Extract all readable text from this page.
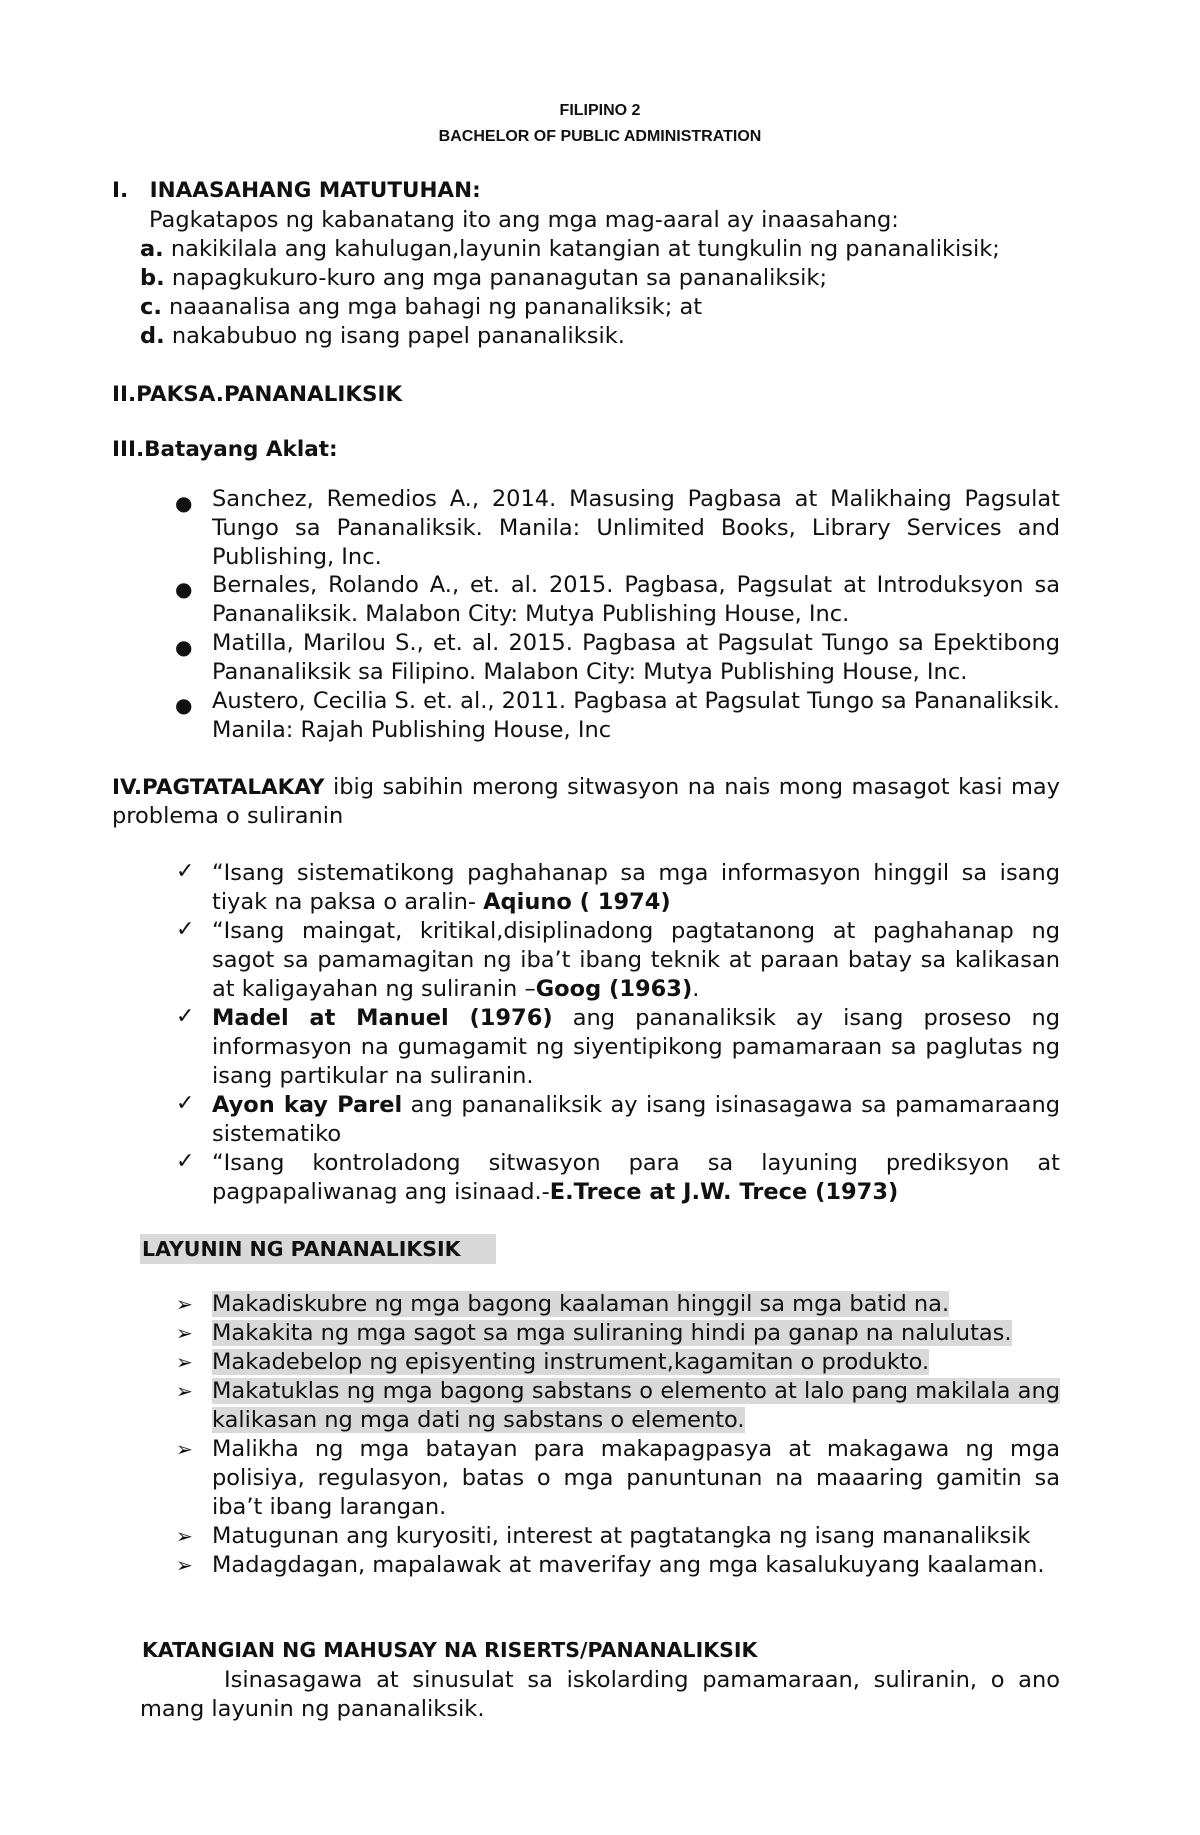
FILIPINO 2
BACHELOR OF PUBLIC ADMINISTRATION
I. INAASAHANG MATUTUHAN:
Pagkatapos ng kabanatang ito ang mga mag-aaral ay inaasahang:
a. nakikilala ang kahulugan,layunin katangian at tungkulin ng pananalikisik;
b. napagkukuro-kuro ang mga pananagutan sa pananaliksik;
c. naaanalisa ang mga bahagi ng pananaliksik; at
d. nakabubuo ng isang papel pananaliksik.
II.PAKSA.PANANALIKSIK
III.Batayang Aklat:
● Sanchez, Remedios A., 2014. Masusing Pagbasa at Malikhaing Pagsulat Tungo sa Pananaliksik. Manila: Unlimited Books, Library Services and Publishing, Inc.
● Bernales, Rolando A., et. al. 2015. Pagbasa, Pagsulat at Introduksyon sa Pananaliksik. Malabon City: Mutya Publishing House, Inc.
● Matilla, Marilou S., et. al. 2015. Pagbasa at Pagsulat Tungo sa Epektibong Pananaliksik sa Filipino. Malabon City: Mutya Publishing House, Inc.
● Austero, Cecilia S. et. al., 2011. Pagbasa at Pagsulat Tungo sa Pananaliksik. Manila: Rajah Publishing House, Inc
IV.PAGTATALAKAY ibig sabihin merong sitwasyon na nais mong masagot kasi may problema o suliranin
✓ “Isang sistematikong paghahanap sa mga informasyon hinggil sa isang tiyak na paksa o aralin- Aqiuno ( 1974)
✓ “Isang maingat, kritikal,disiplinadong pagtatanong at paghahanap ng sagot sa pamamagitan ng iba’t ibang teknik at paraan batay sa kalikasan at kaligayahan ng suliranin –Goog (1963).
✓ Madel at Manuel (1976) ang pananaliksik ay isang proseso ng informasyon na gumagamit ng siyentipikong pamamaraan sa paglutas ng isang partikular na suliranin.
✓ Ayon kay Parel ang pananaliksik ay isang isinasagawa sa pamamaraang sistematiko
✓ “Isang kontroladong sitwasyon para sa layuning prediksyon at pagpapaliwanag ang isinaad.-E.Trece at J.W. Trece (1973)
LAYUNIN NG PANANALIKSIK
➢ Makadiskubre ng mga bagong kaalaman hinggil sa mga batid na.
➢ Makakita ng mga sagot sa mga suliraning hindi pa ganap na nalulutas.
➢ Makadebelop ng episyenting instrument,kagamitan o produkto.
➢ Makatuklas ng mga bagong sabstans o elemento at lalo pang makilala ang kalikasan ng mga dati ng sabstans o elemento.
➢ Malikha ng mga batayan para makapagpasya at makagawa ng mga polisiya, regulasyon, batas o mga panuntunan na maaaring gamitin sa iba’t ibang larangan.
➢ Matugunan ang kuryositi, interest at pagtatangka ng isang mananaliksik
➢ Madagdagan, mapalawak at maverifay ang mga kasalukuyang kaalaman.
KATANGIAN NG MAHUSAY NA RISERTS/PANANALIKSIK
Isinasagawa at sinusulat sa iskolarding pamamaraan, suliranin, o ano mang layunin ng pananaliksik.
